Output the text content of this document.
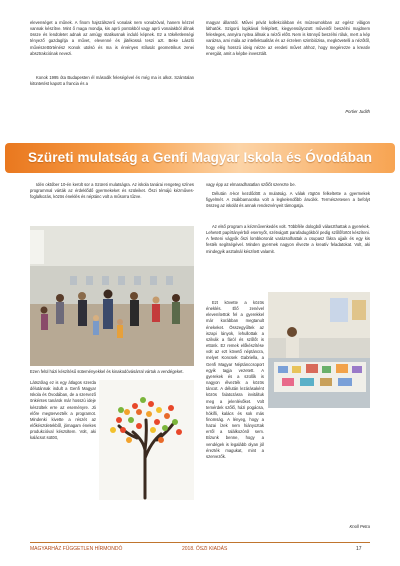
elevenséget a műnek. A finom hajszálszerű vonalak nem vonalzóval, hanem kézzel vannak készítve. Mint ő maga mondja, kis apró pontokból vagy apró vonalakból állnak össze és lendületet adnak az amúgy statikusnak induló képnek. Ez a tökéletlenségi tényező gazdagítja a művet, elevenné és játékossá teszi azt. Beke László művészettörténész Konok utolsó és ma is érvényes stílusát geometrikus zenei absztrakciónak nevezi.

Konok 1995 óta Budapesten él második feleségével és még ma is alkot. Számtalan kitüntetést kapott a franciа és a

magyar államtól. Művei privát kollekciókban és múzeumokban az egész világon láthatók. Szigorú logikával felépített, kiegyensúlyozott műveiről beszélni majdnem felesleges, annyira nyitva állnak a nézői előtt. Nem is könnyű beszélni róluk, mert a kép varázsa, ami mála az intellektualitás és az érzelem szimbiózisa, megkövetelli a nézőtől, hogy elég hosszú ideig nézze az eredeti művet ahhoz, hogy megérezze a kreatív energiát, amit a képbe invesztált.

Portier Judith

Szüreti mulatság a Genfi Magyar Iskola és Óvodában

Idén október 10-én került sor a Szüreti mulatságra. Az iskola tanárai rengeteg színes programmal várták az érdeklődő gyermekeket és szüleiket. Őszi témájú kézműves-foglalkozás, közös éneklés és néptánc volt a műsorra tűzve.

Ezen felül házi készítésű süteményekkel és kinakodóvásárral vártuk a vendégeket.

Látszólag ez is egy átlagos szerda délutánnak indult a Genfi Magyar Iskola és Óvodában, de a szervező önkéntes tanárok már hosszú ideje készültek erre az eseményre. Jó előre megtervezték a programot. Mindenki kivette a részét az előkészületekből, jómagam énekes produkcióval készültem. Volt, aki kalácsot sütött,

vagy épp az elmaradhatatlan szőlőt szerezte be.

Délután 4-kor kezdődött a mulatság. A válak rögtön felkeltette a gyermekek figyelmét. A zsákbamacska volt a legkelendőbb árucikk. Természetesen a befolyt összeg az iskolát és annak rendezvényeit támogatja.

Az első program a kézművenkedés volt. Többféle dologból választhattak a gyerekek. Lehetett papírtányérból esernyőt, szétvágott parafadugókból pedig szőlőfürtöt készíteni. A festeni vágyók őszi lombkoronát varázsolhattak a csupasz fákra ujjaik és egy kis festék segítségével. Minden gyermek nagyon élvezte a kreatív feladatokat. Volt, aki mindegyik asztalnál készített valamit.

Ezt követte a közös éneklés. Élő zenével elevenítettük fel a gyerekkel már korábban megtanult énekeket. Összegyűltek az iszapi lányok, lehullottak a szilvák a fáról és szőlőt is ettünk. Ez remek előkészítése volt az ezt követő néptáncra, melyet Koncsek Gabriella, a Genfi Magyar Néptáncсsoport egyik tagja vezetett. A gyerekek és a szülők is nagyon élvezték a közös táncot. A délután lezárásaként közös falatozásra invitáltuk meg a jelenlévőket. Volt temérdek szőlő, házi pogácsa, hókifli, kalács és sok más finomság. A lényeg, hogy a hazai ízek nem hiányoztak erről a találkozóról sem. Bízunk benne, hogy a vendégek is legalább olyan jól érezték magukat, mint a szervezők.

Knoll Petra

MAGYARHÁZ FÜGGETLEN HÍRMONDÓ	2018. ŐSZI KIADÁS	17
